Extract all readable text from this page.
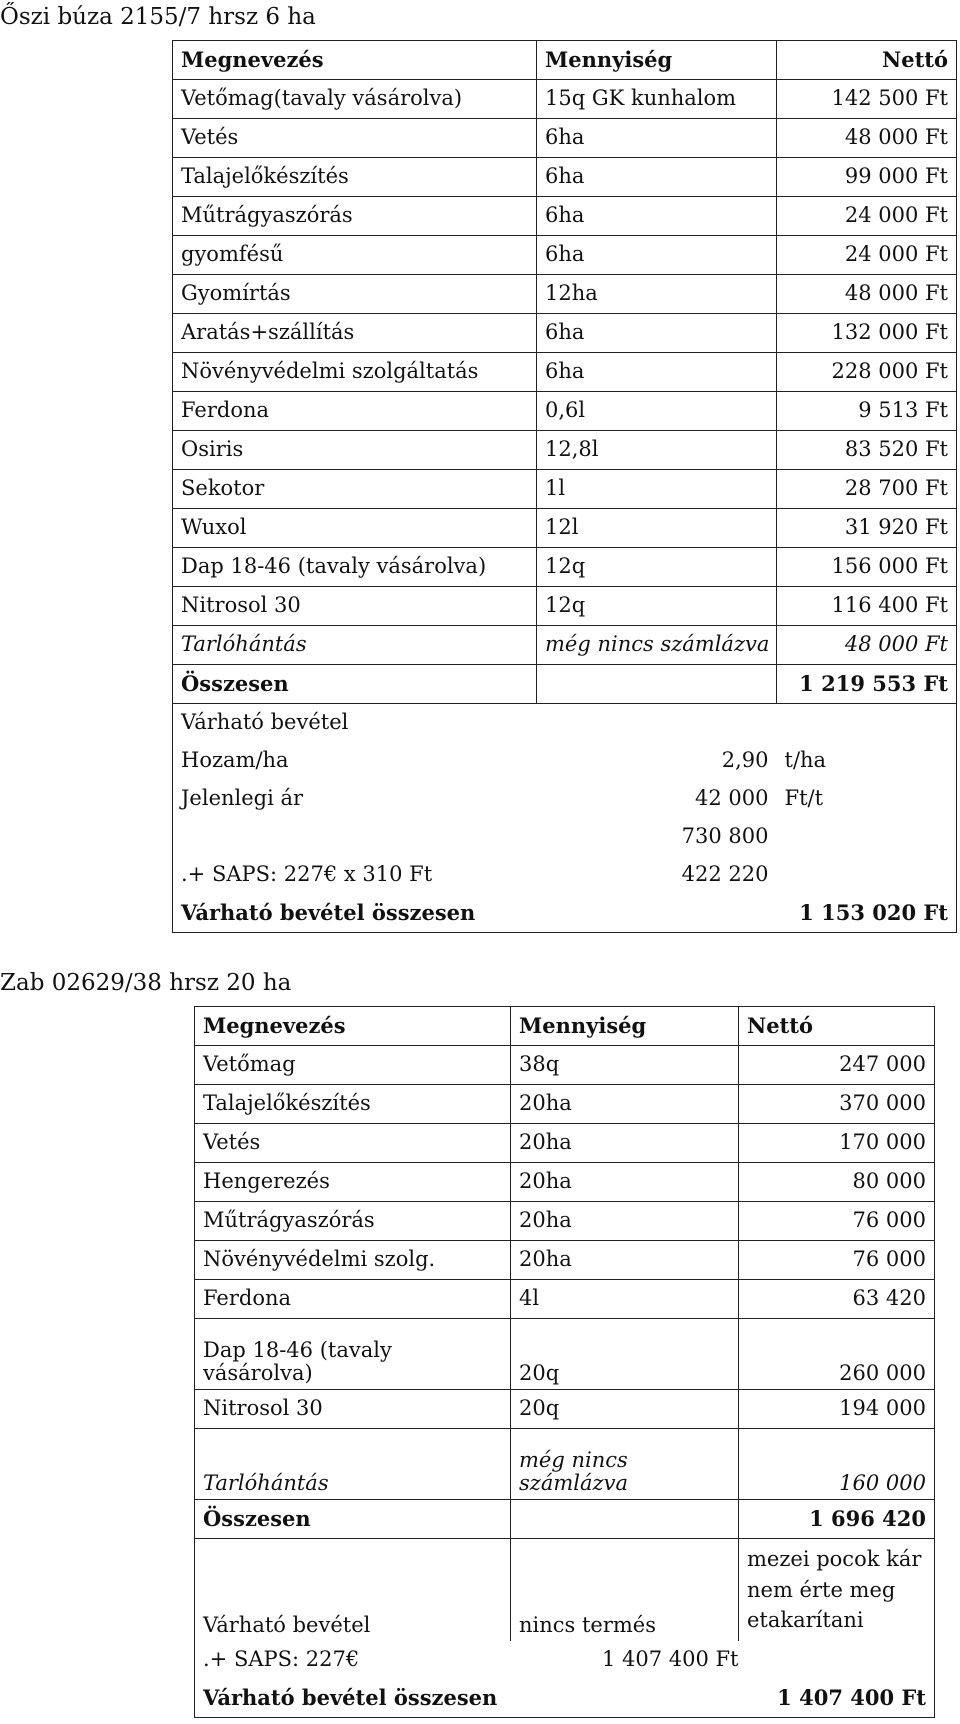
Őszi búza 2155/7 hrsz 6 ha
Megnevezés	Mennyiség	Nettó
Vetőmag(tavaly vásárolva)	15q GK kunhalom	142 500 Ft
Vetés	6ha	48 000 Ft
Talajelőkészítés	6ha	99 000 Ft
Műtrágyaszórás	6ha	24 000 Ft
gyomfésű	6ha	24 000 Ft
Gyomírtás	12ha	48 000 Ft
Aratás+szállítás	6ha	132 000 Ft
Növényvédelmi szolgáltatás	6ha	228 000 Ft
Ferdona	0,6l	9 513 Ft
Osiris	12,8l	83 520 Ft
Sekotor	1l	28 700 Ft
Wuxol	12l	31 920 Ft
Dap 18-46 (tavaly vásárolva)	12q	156 000 Ft
Nitrosol 30	12q	116 400 Ft
Tarlóhántás	még nincs számlázva	48 000 Ft
Összesen		1 219 553 Ft
Várható bevétel		
Hozam/ha	2,90	t/ha
Jelenlegi ár	42 000	Ft/t
	730 800	
.+ SAPS: 227€ x 310 Ft	422 220	
Várható bevétel összesen		1 153 020 Ft
Zab 02629/38 hrsz 20 ha
Megnevezés	Mennyiség	Nettó
Vetőmag	38q	247 000
Talajelőkészítés	20ha	370 000
Vetés	20ha	170 000
Hengerezés	20ha	80 000
Műtrágyaszórás	20ha	76 000
Növényvédelmi szolg.	20ha	76 000
Ferdona	4l	63 420
Dap 18-46 (tavaly vásárolva)	20q	260 000
Nitrosol 30	20q	194 000
Tarlóhántás	még nincs számlázva	160 000
Összesen		1 696 420
Várható bevétel	nincs termés	mezei pocok kár nem érte meg etakarítani
.+ SAPS: 227€	1 407 400 Ft	
Várható bevétel összesen		1 407 400 Ft
